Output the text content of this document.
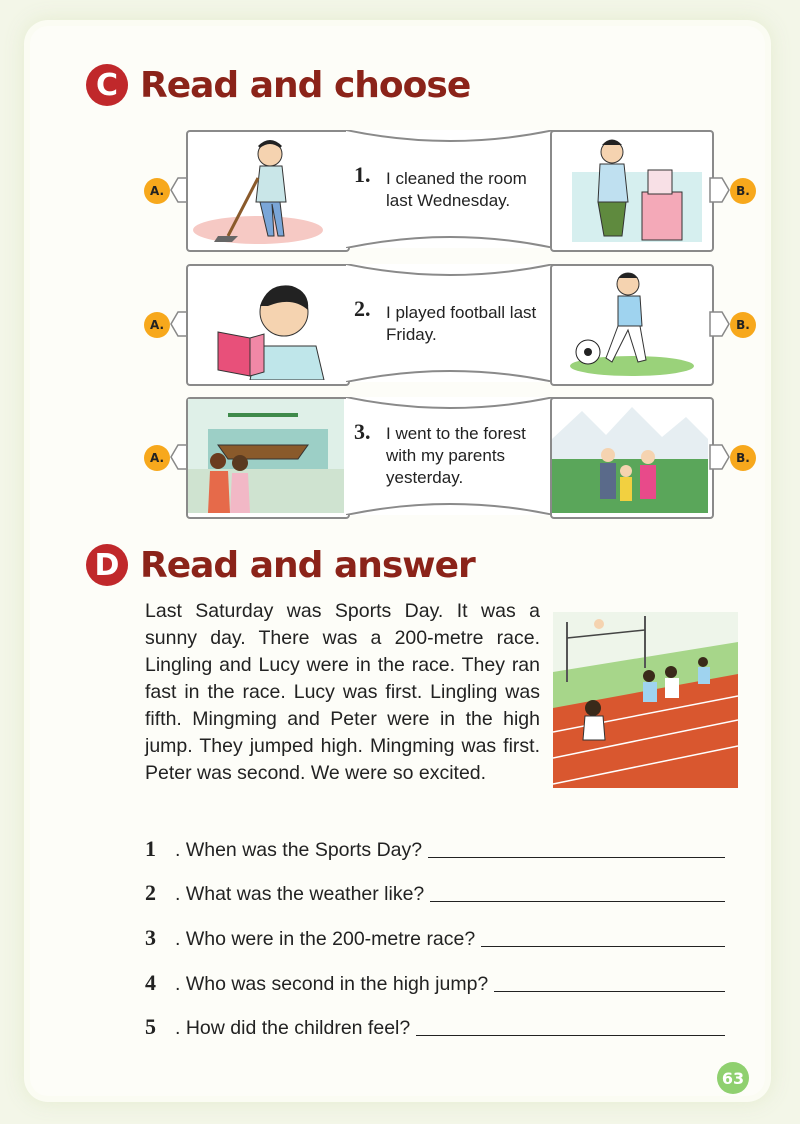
C Read and choose
A.
1. I cleaned the room last Wednesday.	B.
A.
2. I played football last Friday.	B.
A.
3. I went to the forest with my parents yesterday.
B.
D Read and answer
Last Saturday was Sports Day. It was a sunny day. There was a 200-metre race. Lingling and Lucy were in the race. They ran fast in the race. Lucy was first. Lingling was fifth. Mingming and Peter were in the high jump. They jumped high. Mingming was first. Peter was second. We were so excited.
1 . When was the Sports Day?
2 . What was the weather like?
3 . Who were in the 200-metre race?
4 . Who was second in the high jump?
5 . How did the children feel?
63
